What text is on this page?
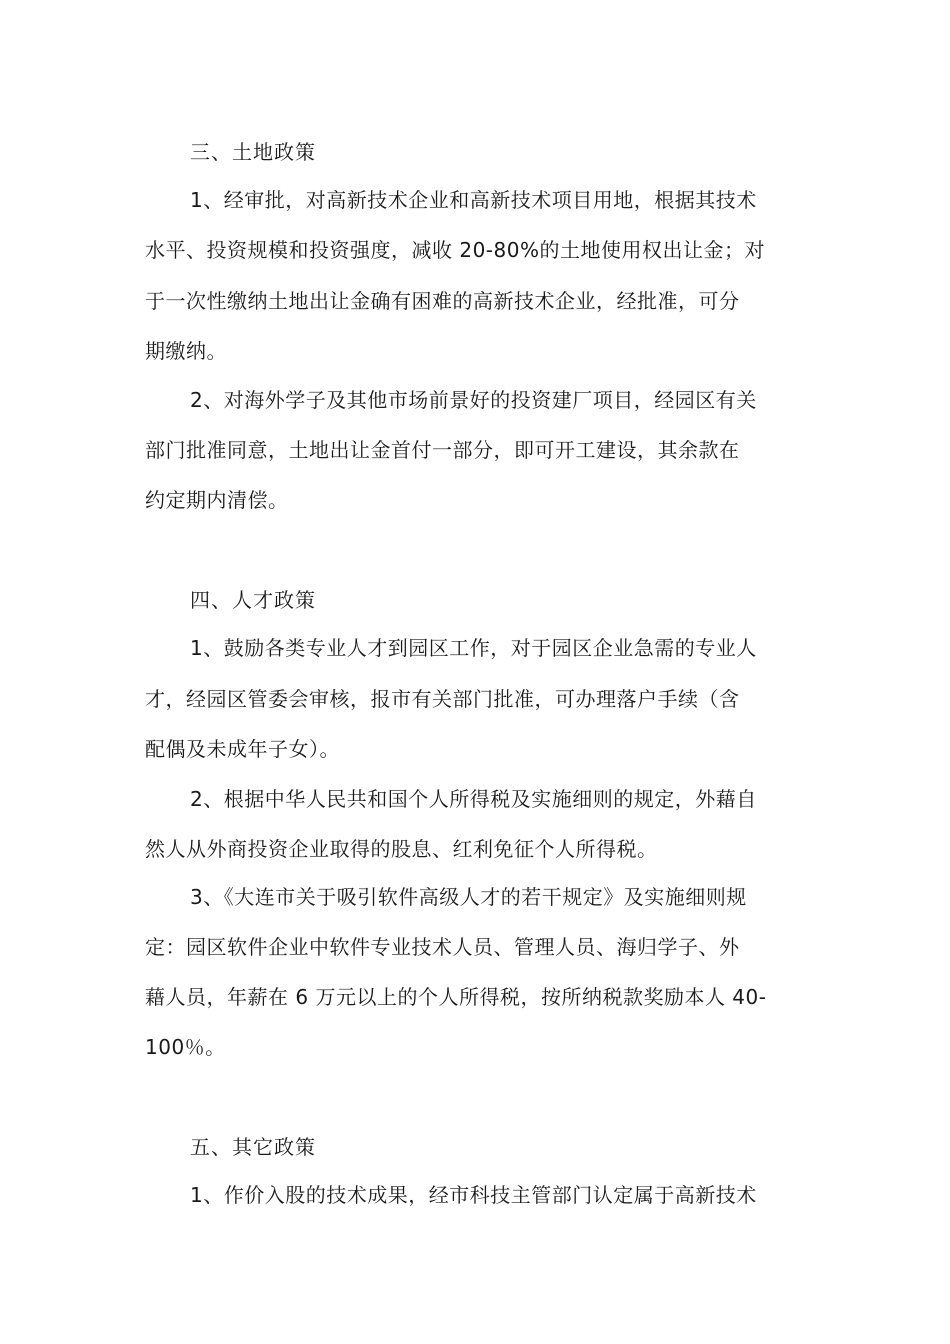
三、土地政策
1、经审批，对高新技术企业和高新技术项目用地，根据其技术
水平、投资规模和投资强度，减收 20-80%的土地使用权出让金；对
于一次性缴纳土地出让金确有困难的高新技术企业，经批准，可分
期缴纳。
2、对海外学子及其他市场前景好的投资建厂项目，经园区有关
部门批准同意，土地出让金首付一部分，即可开工建设，其余款在
约定期内清偿。
四、人才政策
1、鼓励各类专业人才到园区工作，对于园区企业急需的专业人
才，经园区管委会审核，报市有关部门批准，可办理落户手续（含
配偶及未成年子女）。
2、根据中华人民共和国个人所得税及实施细则的规定，外藉自
然人从外商投资企业取得的股息、红利免征个人所得税。
3、《大连市关于吸引软件高级人才的若干规定》及实施细则规
定：园区软件企业中软件专业技术人员、管理人员、海归学子、外
藉人员，年薪在 6 万元以上的个人所得税，按所纳税款奖励本人 40-
100％。
五、其它政策
1、作价入股的技术成果，经市科技主管部门认定属于高新技术
